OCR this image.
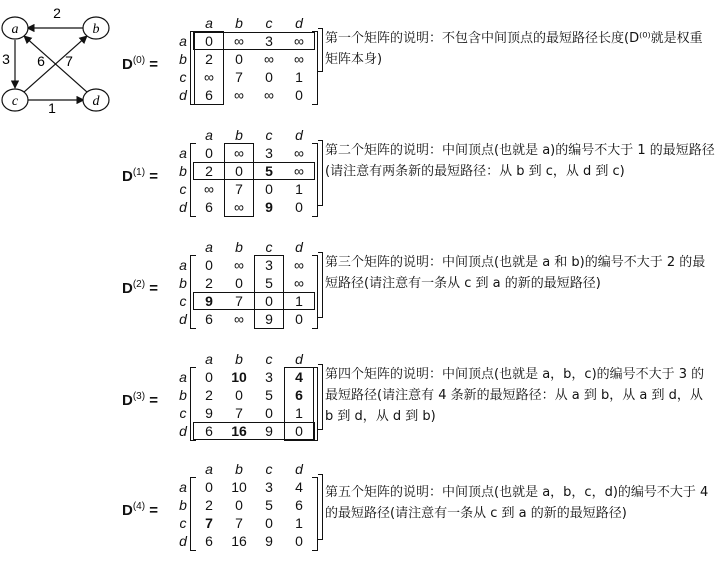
2
3	7
6
1
a	b
c	d
a	b	c	d
a
b
c
d
$D^{(0)}$ =
0	∞	3	∞
2	0	∞	∞
∞	7	0	1
6	∞	∞	0
第一个矩阵的说明：不包含中间顶点的最短路径长度(D⁽⁰⁾就是权重矩阵本身)
a	b	c	d
a
b
c
d
$D^{(1)}$ =
0	∞	3	∞
2	0	5	∞
∞	7	0	1
6	∞	9	0
第二个矩阵的说明：中间顶点(也就是 a)的编号不大于 1 的最短路径(请注意有两条新的最短路径：从 b 到 c，从 d 到 c)
a	b	c	d
a
b
c
d
$D^{(2)}$ =
0	∞	3	∞
2	0	5	∞
9	7	0	1
6	∞	9	0
第三个矩阵的说明：中间顶点(也就是 a 和 b)的编号不大于 2 的最短路径(请注意有一条从 c 到 a 的新的最短路径)
a	b	c	d
a
b
c
d
$D^{(3)}$ =
0	10	3	4
2	0	5	6
9	7	0	1
6	16	9	0
第四个矩阵的说明：中间顶点(也就是 a，b，c)的编号不大于 3 的最短路径(请注意有 4 条新的最短路径：从 a 到 b，从 a 到 d，从 b 到 d，从 d 到 b)
a	b	c	d
a
b
c
d
$D^{(4)}$ =
0	10	3	4
2	0	5	6
7	7	0	1
6	16	9	0
第五个矩阵的说明：中间顶点(也就是 a，b，c，d)的编号不大于 4 的最短路径(请注意有一条从 c 到 a 的新的最短路径)
